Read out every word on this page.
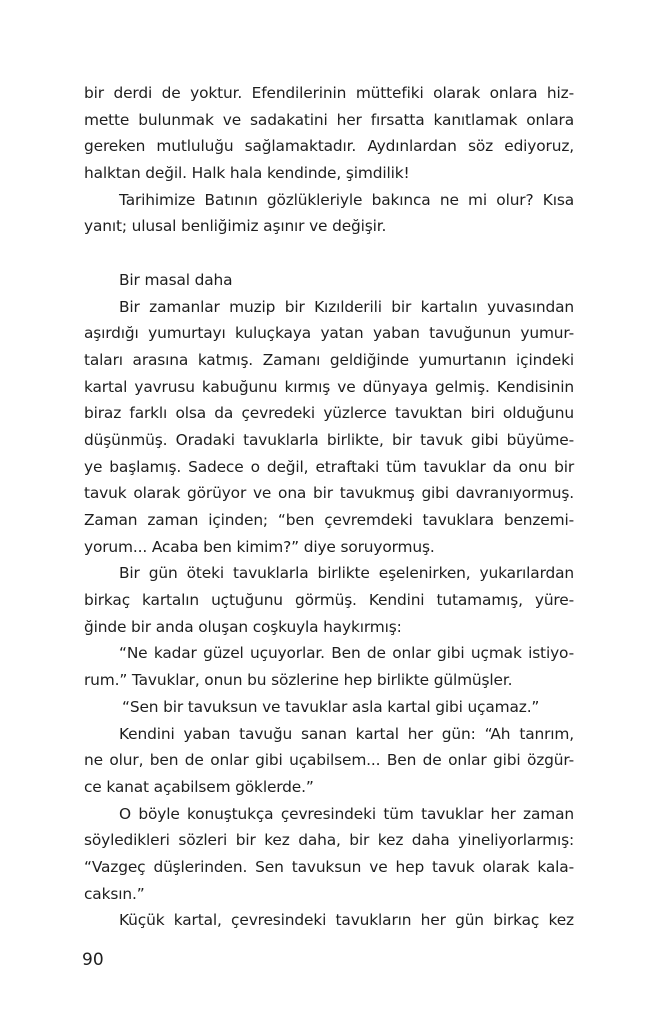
bir derdi de yoktur. Efendilerinin müttefiki olarak onlara hiz-
mette bulunmak ve sadakatini her fırsatta kanıtlamak onlara
gereken mutluluğu sağlamaktadır. Aydınlardan söz ediyoruz,
halktan değil. Halk hala kendinde, şimdilik!
Tarihimize Batının gözlükleriyle bakınca ne mi olur? Kısa
yanıt; ulusal benliğimiz aşınır ve değişir.
Bir masal daha
Bir zamanlar muzip bir Kızılderili bir kartalın yuvasından
aşırdığı yumurtayı kuluçkaya yatan yaban tavuğunun yumur-
taları arasına katmış. Zamanı geldiğinde yumurtanın içindeki
kartal yavrusu kabuğunu kırmış ve dünyaya gelmiş. Kendisinin
biraz farklı olsa da çevredeki yüzlerce tavuktan biri olduğunu
düşünmüş. Oradaki tavuklarla birlikte, bir tavuk gibi büyüme-
ye başlamış. Sadece o değil, etraftaki tüm tavuklar da onu bir
tavuk olarak görüyor ve ona bir tavukmuş gibi davranıyormuş.
Zaman zaman içinden; “ben çevremdeki tavuklara benzemi-
yorum... Acaba ben kimim?” diye soruyormuş.
Bir gün öteki tavuklarla birlikte eşelenirken, yukarılardan
birkaç kartalın uçtuğunu görmüş. Kendini tutamamış, yüre-
ğinde bir anda oluşan coşkuyla haykırmış:
“Ne kadar güzel uçuyorlar. Ben de onlar gibi uçmak istiyo-
rum.” Tavuklar, onun bu sözlerine hep birlikte gülmüşler.
“Sen bir tavuksun ve tavuklar asla kartal gibi uçamaz.”
Kendini yaban tavuğu sanan kartal her gün: “Ah tanrım,
ne olur, ben de onlar gibi uçabilsem... Ben de onlar gibi özgür-
ce kanat açabilsem göklerde.”
O böyle konuştukça çevresindeki tüm tavuklar her zaman
söyledikleri sözleri bir kez daha, bir kez daha yineliyorlarmış:
“Vazgeç düşlerinden. Sen tavuksun ve hep tavuk olarak kala-
caksın.”
Küçük kartal, çevresindeki tavukların her gün birkaç kez
90
